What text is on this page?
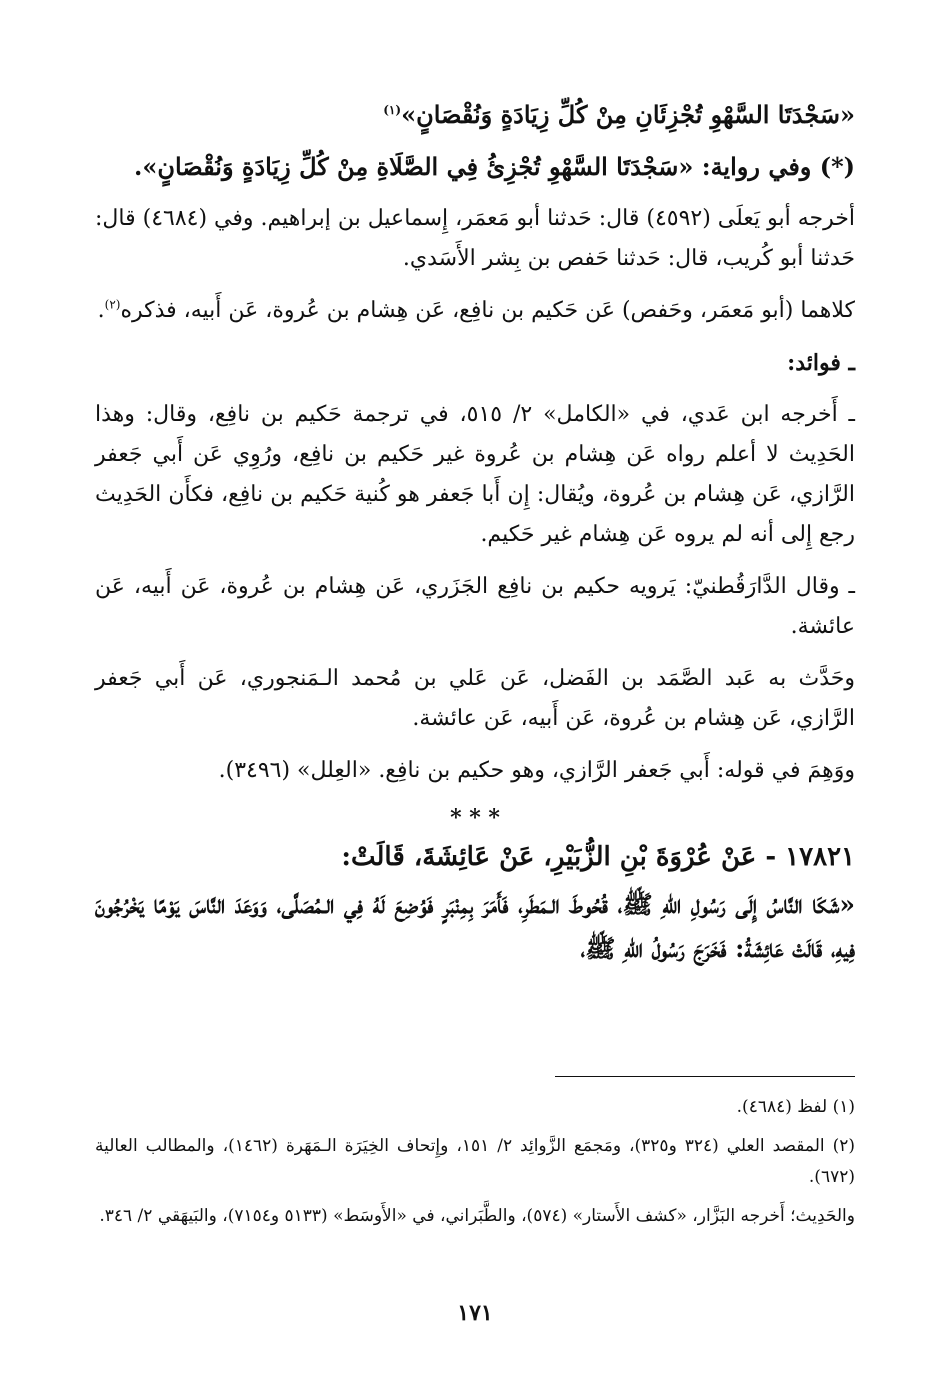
«سَجْدَتَا السَّهْوِ تُجْزِئَانِ مِنْ كُلِّ زِيَادَةٍ وَنُقْصَانٍ»$^{(١)}$

(*) وفي رواية: «سَجْدَتَا السَّهْوِ تُجْزِئُ فِي الصَّلَاةِ مِنْ كُلِّ زِيَادَةٍ وَنُقْصَانٍ».

أخرجه أبو يَعلَى (٤٥٩٢) قال: حَدثنا أبو مَعمَر، إِسماعيل بن إبراهيم. وفي (٤٦٨٤) قال: حَدثنا أبو كُريب، قال: حَدثنا حَفص بن بِشر الأَسَدي.

كلاهما (أبو مَعمَر، وحَفص) عَن حَكيم بن نافِع، عَن هِشام بن عُروة، عَن أَبيه، فذكره$^{(٢)}$.

ـ فوائد:

ـ أَخرجه ابن عَدي، في «الكامل» ٢/ ٥١٥، في ترجمة حَكيم بن نافِع، وقال: وهذا الحَدِيث لا أعلم رواه عَن هِشام بن عُروة غير حَكيم بن نافِع، ورُوِي عَن أَبي جَعفر الرَّازي، عَن هِشام بن عُروة، ويُقال: إِن أَبا جَعفر هو كُنية حَكيم بن نافِع، فكأَن الحَدِيث رجع إِلى أنه لم يروه عَن هِشام غير حَكيم.

ـ وقال الدَّارَقُطنيّ: يَرويه حكيم بن نافِع الجَزَري، عَن هِشام بن عُروة، عَن أَبيه، عَن عائشة.

وحَدَّث به عَبد الصَّمَد بن الفَضل، عَن عَلي بن مُحمد الـمَنجوري، عَن أَبي جَعفر الرَّازي، عَن هِشام بن عُروة، عَن أَبيه، عَن عائشة.

ووَهِمَ في قوله: أَبي جَعفر الرَّازي، وهو حكيم بن نافِع. «العِلل» (٣٤٩٦).

* * *

١٧٨٢١ - عَنْ عُرْوَةَ بْنِ الزُّبَيْرِ، عَنْ عَائِشَةَ، قَالَتْ:

«شَكَا النَّاسُ إِلَى رَسُولِ اللهِ ﷺ، قُحُوطَ الـمَطَرِ، فَأَمَرَ بِمِنْبَرٍ فَوُضِعَ لَهُ فِي الـمُصَلَّى، وَوَعَدَ النَّاسَ يَوْمًا يَخْرُجُونَ فِيهِ، قَالَتْ عَائِشَةُ: فَخَرَجَ رَسُولُ اللهِ ﷺ،

(١) لفظ (٤٦٨٤).

(٢) المقصد العلي (٣٢٤ و٣٢٥)، ومَجمَع الزَّوائِد ٢/ ١٥١، وإِتحاف الخِيَرَة الـمَهَرة (١٤٦٢)، والمطالب العالية (٦٧٢).

والحَدِيث؛ أَخرجه البَزَّار، «كشف الأَستار» (٥٧٤)، والطَّبَراني، في «الأَوسَط» (٥١٣٣ و٧١٥٤)، والبَيهَقي ٢/ ٣٤٦.

١٧١
